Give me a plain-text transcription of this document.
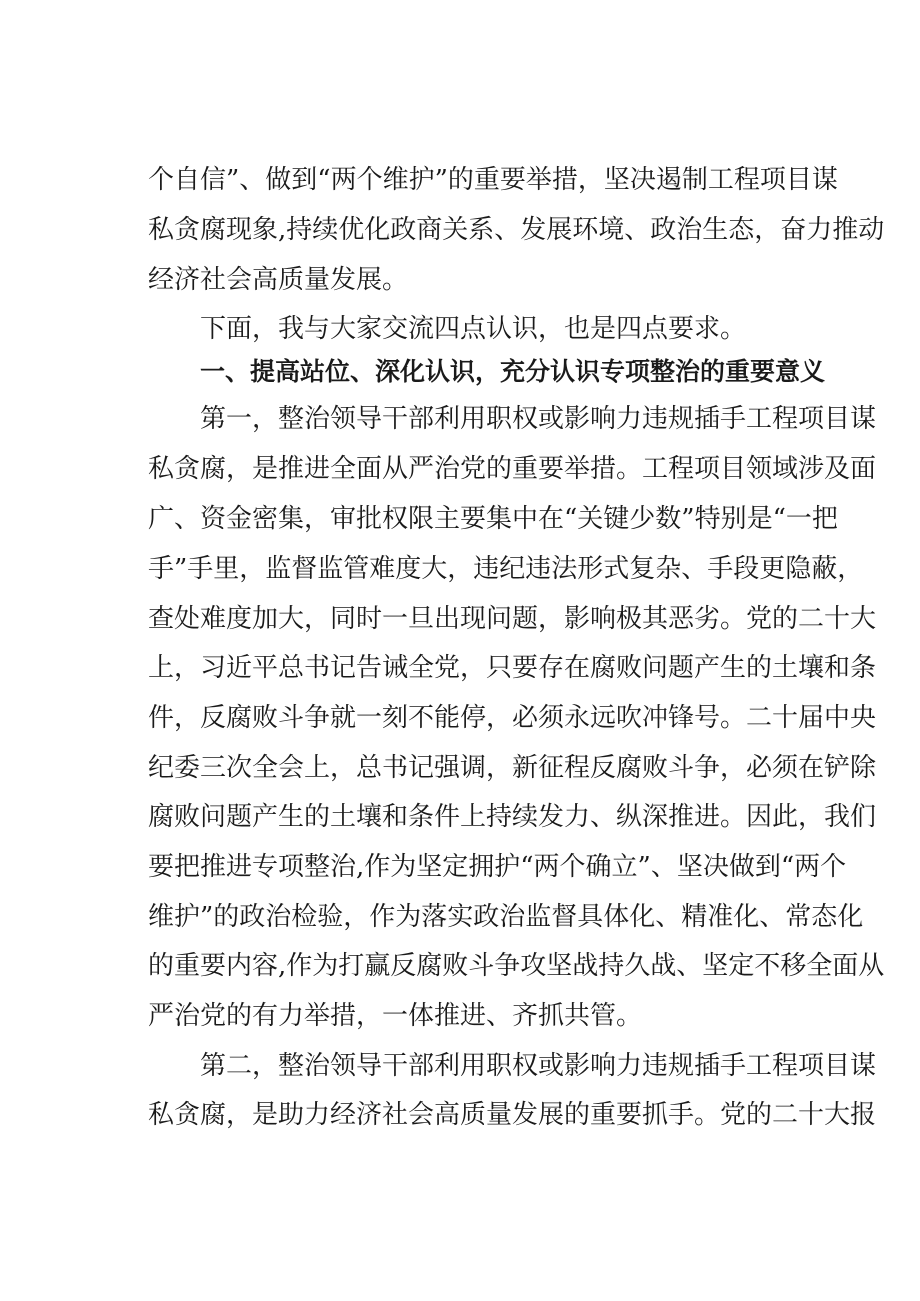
个自信”、做到“两个维护”的重要举措，坚决遏制工程项目谋
私贪腐现象,持续优化政商关系、发展环境、政治生态，奋力推动
经济社会高质量发展。
下面，我与大家交流四点认识，也是四点要求。
一、提高站位、深化认识，充分认识专项整治的重要意义
第一，整治领导干部利用职权或影响力违规插手工程项目谋
私贪腐，是推进全面从严治党的重要举措。工程项目领域涉及面
广、资金密集，审批权限主要集中在“关键少数”特别是“一把
手”手里，监督监管难度大，违纪违法形式复杂、手段更隐蔽，
查处难度加大，同时一旦出现问题，影响极其恶劣。党的二十大
上，习近平总书记告诫全党，只要存在腐败问题产生的土壤和条
件，反腐败斗争就一刻不能停，必须永远吹冲锋号。二十届中央
纪委三次全会上，总书记强调，新征程反腐败斗争，必须在铲除
腐败问题产生的土壤和条件上持续发力、纵深推进。因此，我们
要把推进专项整治,作为坚定拥护“两个确立”、坚决做到“两个
维护”的政治检验，作为落实政治监督具体化、精准化、常态化
的重要内容,作为打赢反腐败斗争攻坚战持久战、坚定不移全面从
严治党的有力举措，一体推进、齐抓共管。
第二，整治领导干部利用职权或影响力违规插手工程项目谋
私贪腐，是助力经济社会高质量发展的重要抓手。党的二十大报
